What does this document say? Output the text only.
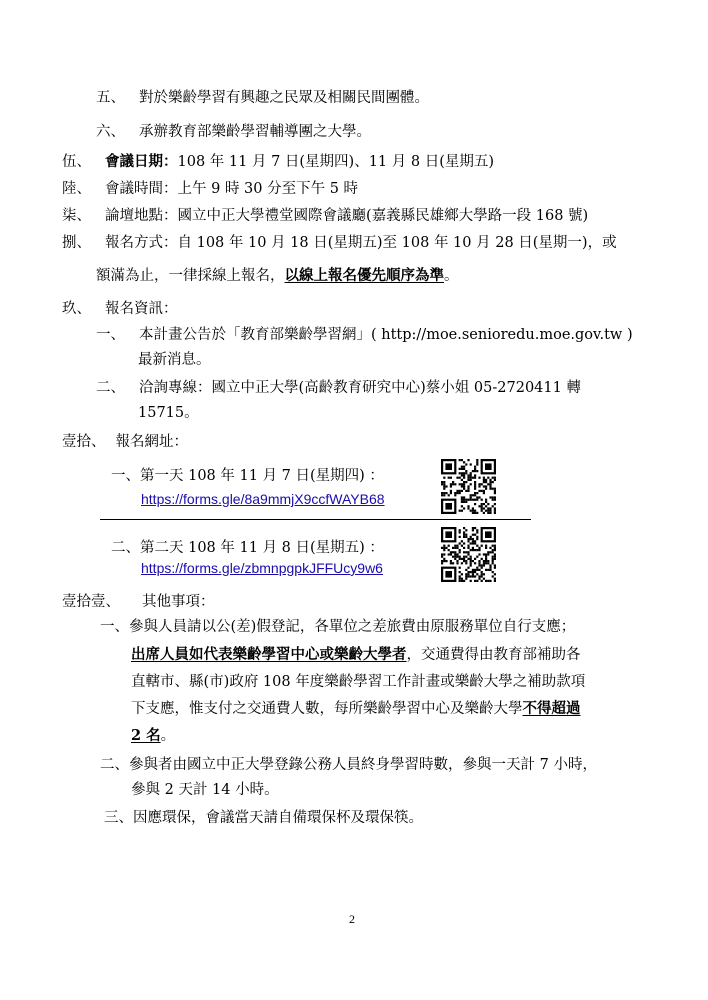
五、 對於樂齡學習有興趣之民眾及相關民間團體。
六、 承辦教育部樂齡學習輔導團之大學。
伍、 會議日期：108 年 11 月 7 日(星期四)、11 月 8 日(星期五)
陸、 會議時間：上午 9 時 30 分至下午 5 時
柒、 論壇地點：國立中正大學禮堂國際會議廳(嘉義縣民雄鄉大學路一段 168 號)
捌、 報名方式：自 108 年 10 月 18 日(星期五)至 108 年 10 月 28 日(星期一)，或
額滿為止，一律採線上報名，以線上報名優先順序為準。
玖、 報名資訊：
一、 本計畫公告於「教育部樂齡學習網」( http://moe.senioredu.moe.gov.tw )
最新消息。
二、 洽詢專線：國立中正大學(高齡教育研究中心)蔡小姐 05-2720411 轉
15715。
壹拾、 報名網址：
一、第一天 108 年 11 月 7 日(星期四) ：
https://forms.gle/8a9mmjX9ccfWAYB68
二、第二天 108 年 11 月 8 日(星期五) ：
https://forms.gle/zbmnpgpkJFFUcy9w6
壹拾壹、 其他事項：
一、參與人員請以公(差)假登記，各單位之差旅費由原服務單位自行支應；
出席人員如代表樂齡學習中心或樂齡大學者，交通費得由教育部補助各
直轄市、縣(市)政府 108 年度樂齡學習工作計畫或樂齡大學之補助款項
下支應，惟支付之交通費人數，每所樂齡學習中心及樂齡大學不得超過
2 名。
二、參與者由國立中正大學登錄公務人員終身學習時數，參與一天計 7 小時，
參與 2 天計 14 小時。
三、因應環保，會議當天請自備環保杯及環保筷。
2
